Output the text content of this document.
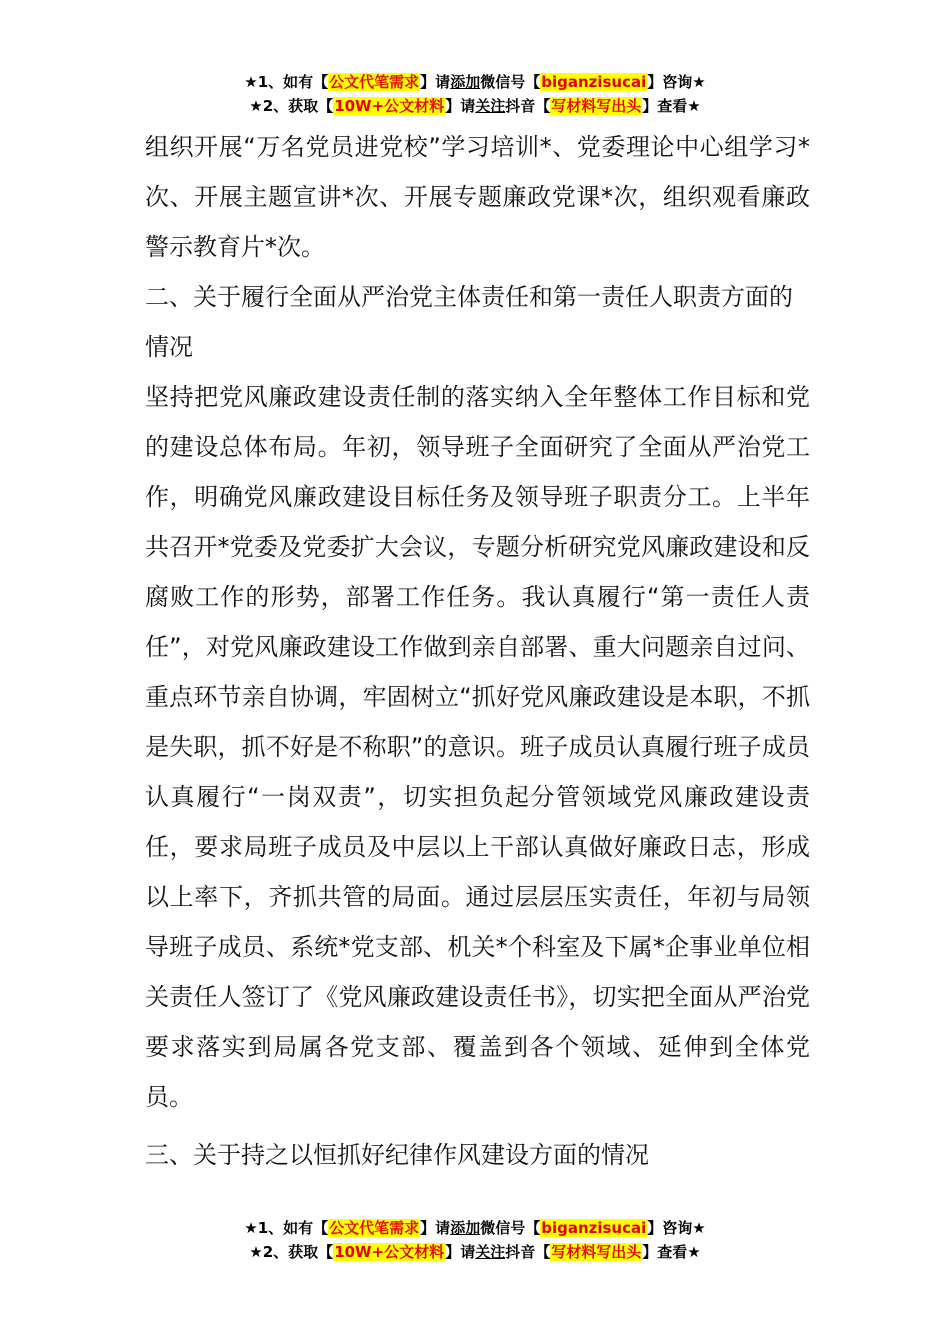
★1、如有【公文代笔需求】请添加微信号【biganzisucai】咨询★
★2、获取【10W+公文材料】请关注抖音【写材料写出头】查看★

组织开展“万名党员进党校”学习培训*、党委理论中心组学习*次、开展主题宣讲*次、开展专题廉政党课*次，组织观看廉政警示教育片*次。

二、关于履行全面从严治党主体责任和第一责任人职责方面的情况

坚持把党风廉政建设责任制的落实纳入全年整体工作目标和党的建设总体布局。年初，领导班子全面研究了全面从严治党工作，明确党风廉政建设目标任务及领导班子职责分工。上半年共召开*党委及党委扩大会议，专题分析研究党风廉政建设和反腐败工作的形势，部署工作任务。我认真履行“第一责任人责任”，对党风廉政建设工作做到亲自部署、重大问题亲自过问、重点环节亲自协调，牢固树立“抓好党风廉政建设是本职，不抓是失职，抓不好是不称职”的意识。班子成员认真履行班子成员认真履行“一岗双责”，切实担负起分管领域党风廉政建设责任，要求局班子成员及中层以上干部认真做好廉政日志，形成以上率下，齐抓共管的局面。通过层层压实责任，年初与局领导班子成员、系统*党支部、机关*个科室及下属*企事业单位相关责任人签订了《党风廉政建设责任书》，切实把全面从严治党要求落实到局属各党支部、覆盖到各个领域、延伸到全体党员。

三、关于持之以恒抓好纪律作风建设方面的情况

★1、如有【公文代笔需求】请添加微信号【biganzisucai】咨询★
★2、获取【10W+公文材料】请关注抖音【写材料写出头】查看★
